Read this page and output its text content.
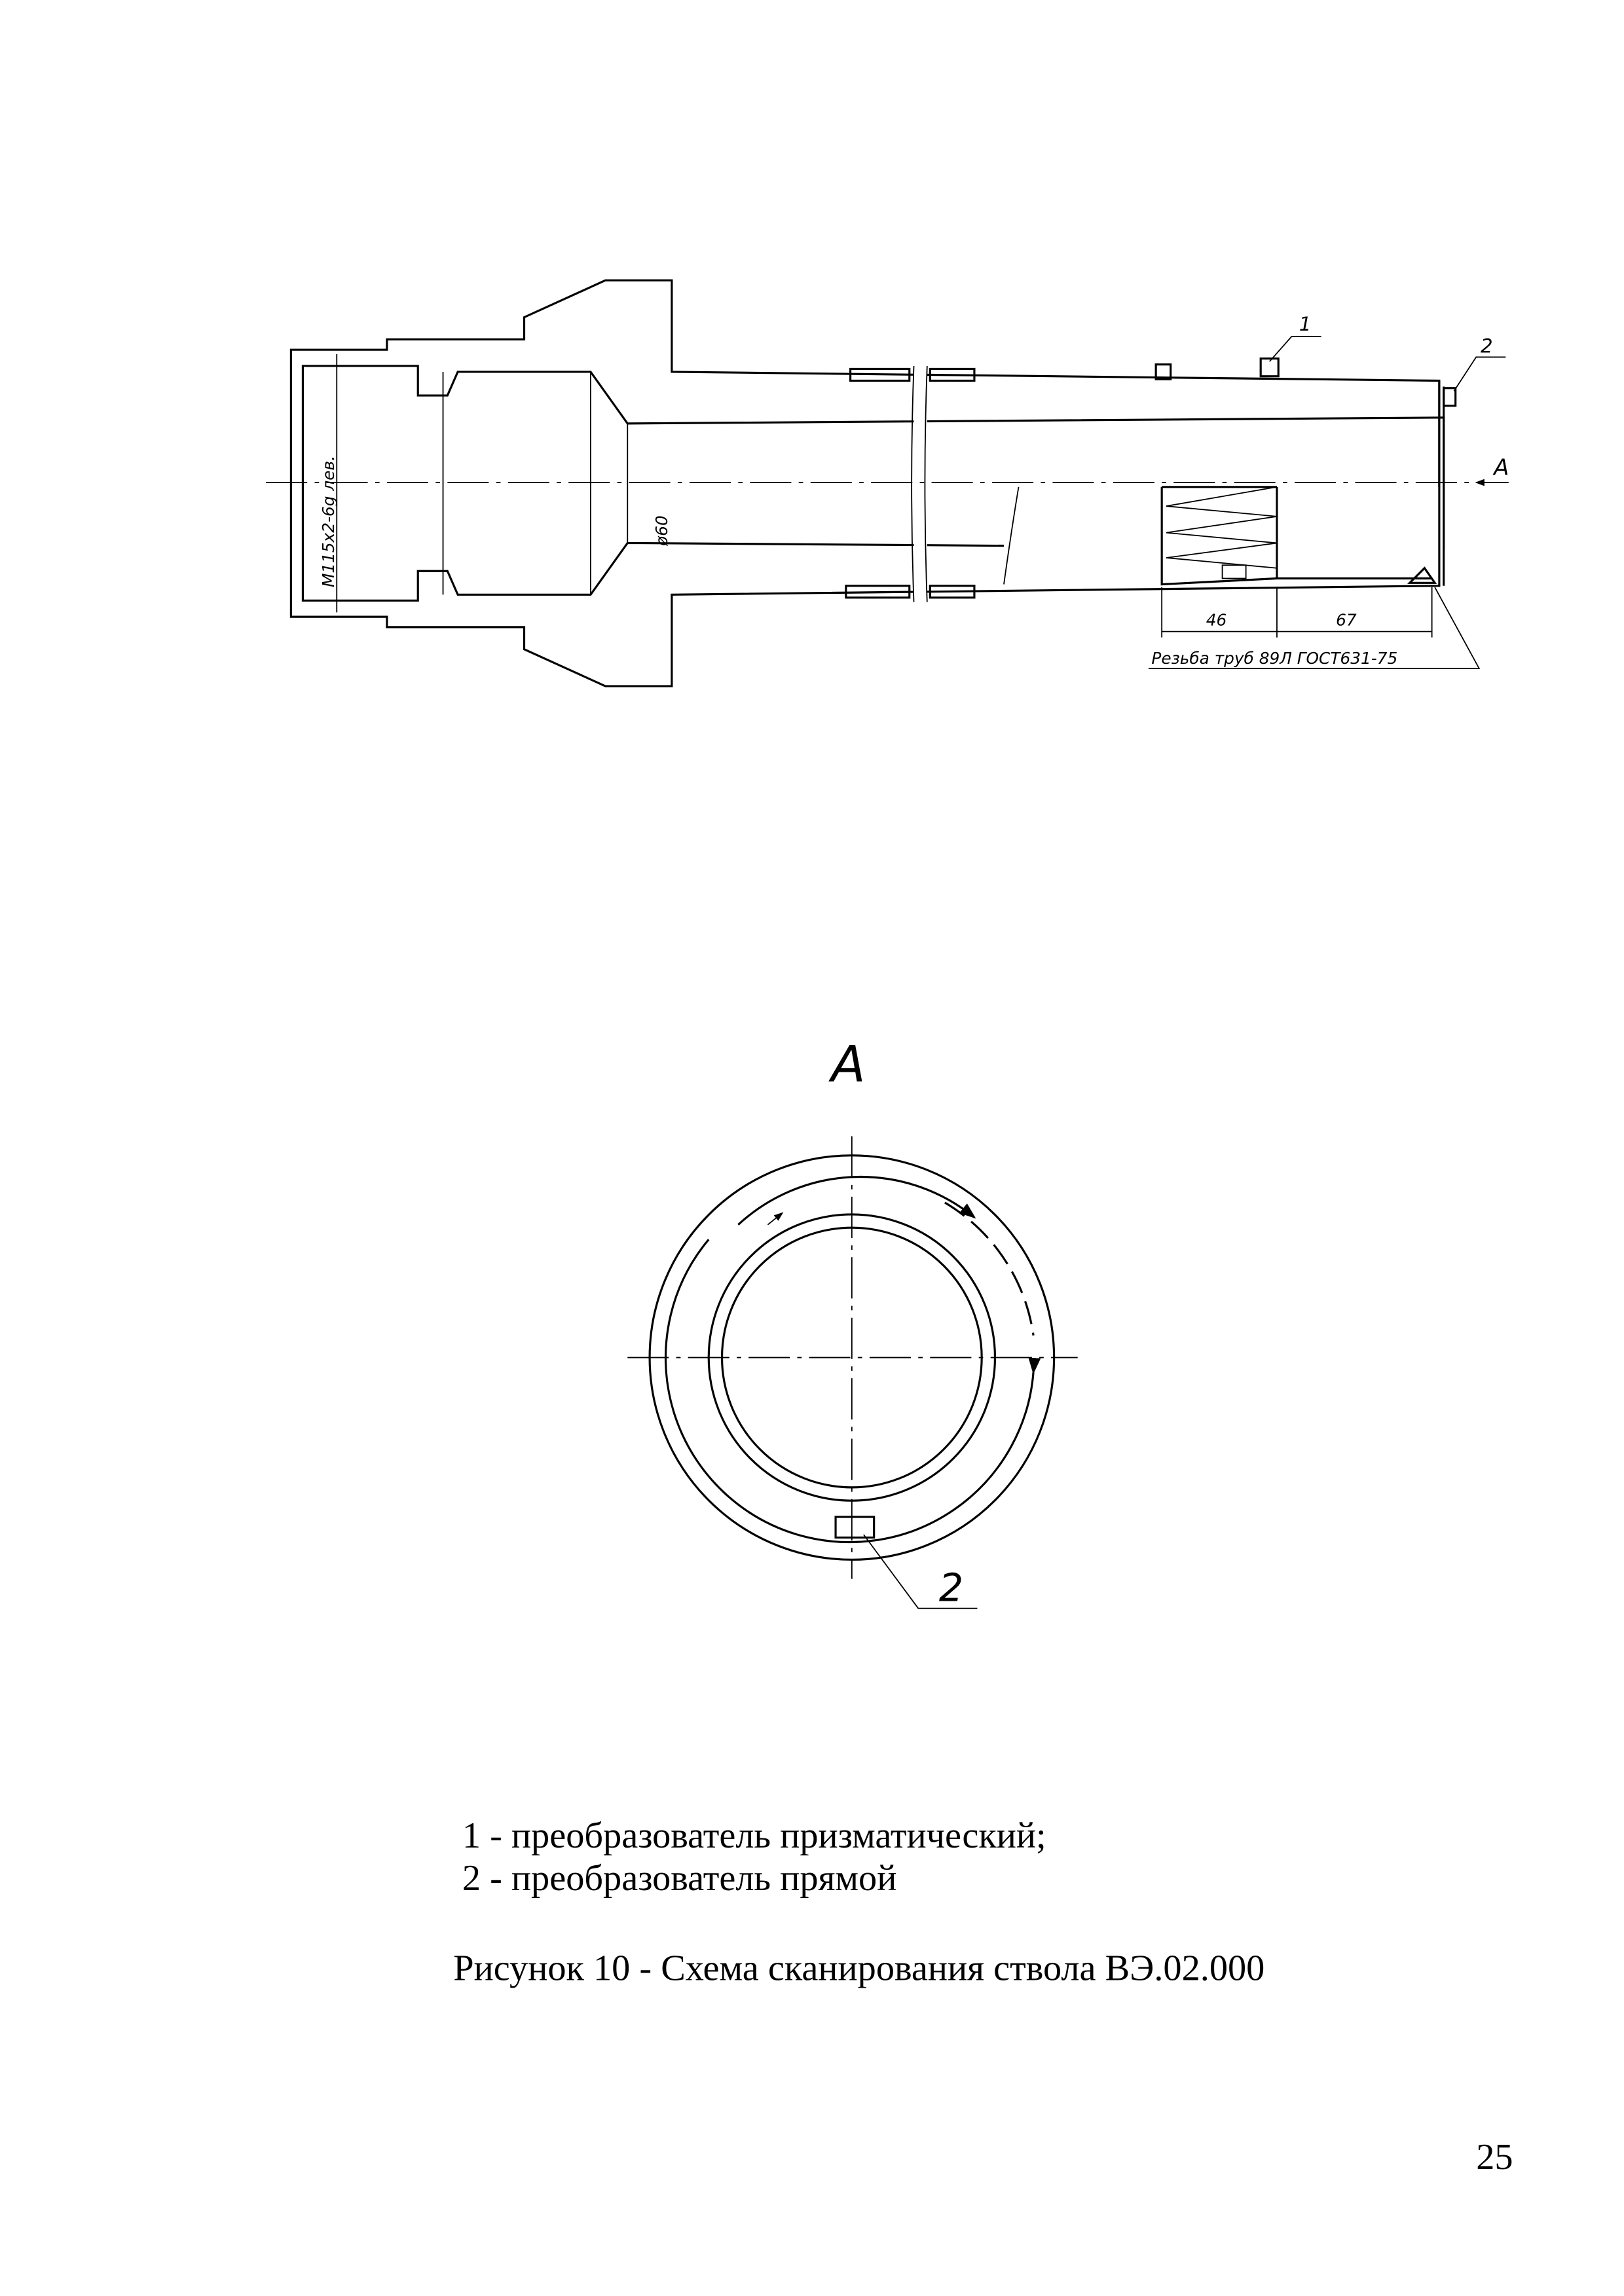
1
2
А
46	67
Резьба труб 89Л ГОСТ631-75
М115х2-6g лев.	ø60
А
2
1 - преобразователь призматический;
2 - преобразователь прямой
Рисунок 10 - Схема сканирования ствола ВЭ.02.000
25
